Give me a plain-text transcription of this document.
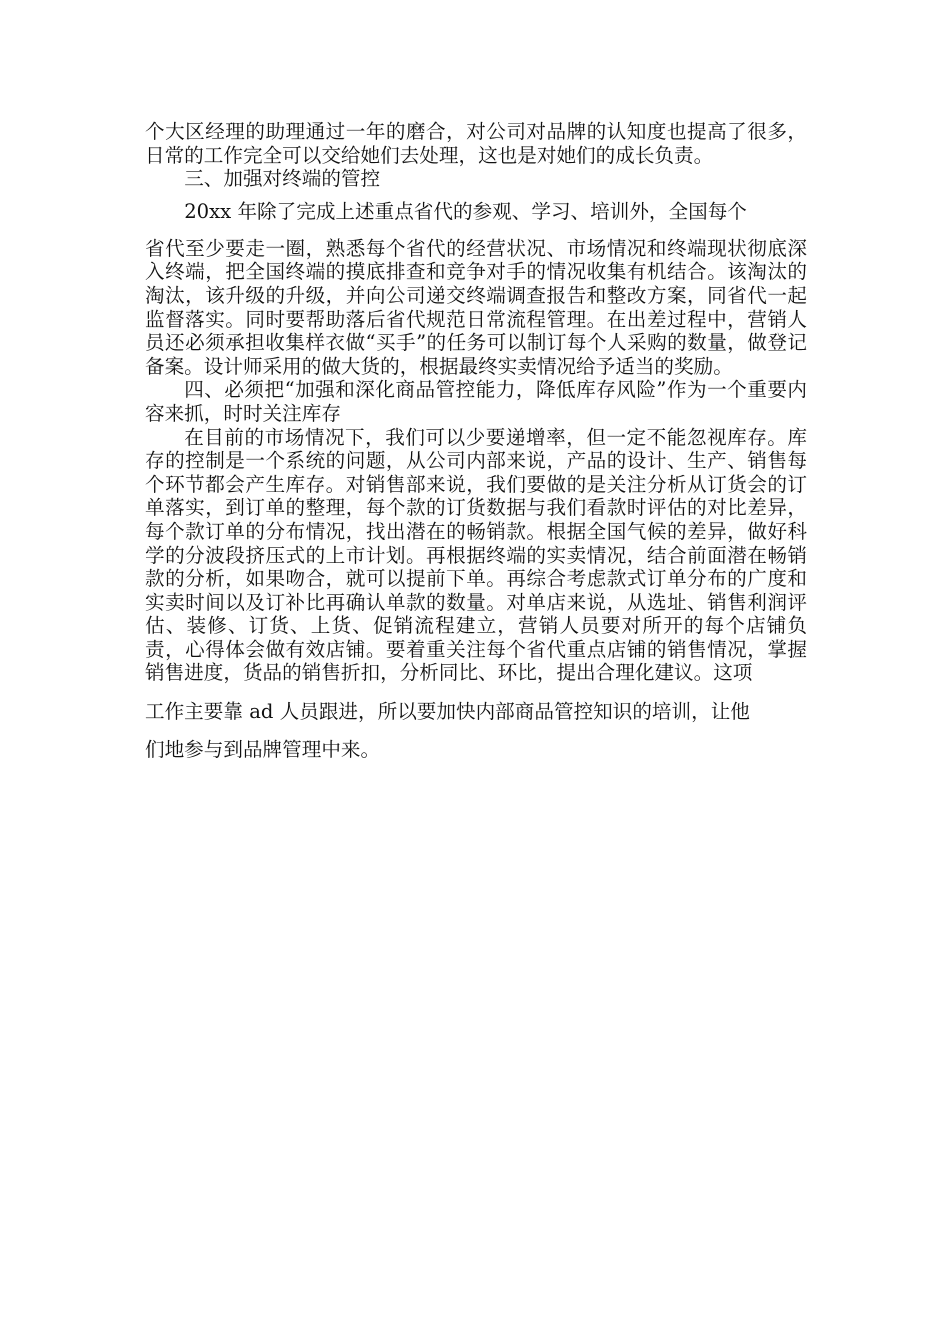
个大区经理的助理通过一年的磨合，对公司对品牌的认知度也提高了很多，日常的工作完全可以交给她们去处理，这也是对她们的成长负责。

三、加强对终端的管控

20xx 年除了完成上述重点省代的参观、学习、培训外，全国每个

省代至少要走一圈，熟悉每个省代的经营状况、市场情况和终端现状彻底深入终端，把全国终端的摸底排查和竞争对手的情况收集有机结合。该淘汰的淘汰，该升级的升级，并向公司递交终端调查报告和整改方案，同省代一起监督落实。同时要帮助落后省代规范日常流程管理。在出差过程中，营销人员还必须承担收集样衣做“买手”的任务可以制订每个人采购的数量，做登记备案。设计师采用的做大货的，根据最终实卖情况给予适当的奖励。

四、必须把“加强和深化商品管控能力，降低库存风险”作为一个重要内容来抓，时时关注库存

在目前的市场情况下，我们可以少要递增率，但一定不能忽视库存。库存的控制是一个系统的问题，从公司内部来说，产品的设计、生产、销售每个环节都会产生库存。对销售部来说，我们要做的是关注分析从订货会的订单落实，到订单的整理，每个款的订货数据与我们看款时评估的对比差异，每个款订单的分布情况，找出潜在的畅销款。根据全国气候的差异，做好科学的分波段挤压式的上市计划。再根据终端的实卖情况，结合前面潜在畅销款的分析，如果吻合，就可以提前下单。再综合考虑款式订单分布的广度和实卖时间以及订补比再确认单款的数量。对单店来说，从选址、销售利润评估、装修、订货、上货、促销流程建立，营销人员要对所开的每个店铺负责，心得体会做有效店铺。要着重关注每个省代重点店铺的销售情况，掌握销售进度，货品的销售折扣，分析同比、环比，提出合理化建议。这项

工作主要靠 ad 人员跟进，所以要加快内部商品管控知识的培训，让他

们地参与到品牌管理中来。
